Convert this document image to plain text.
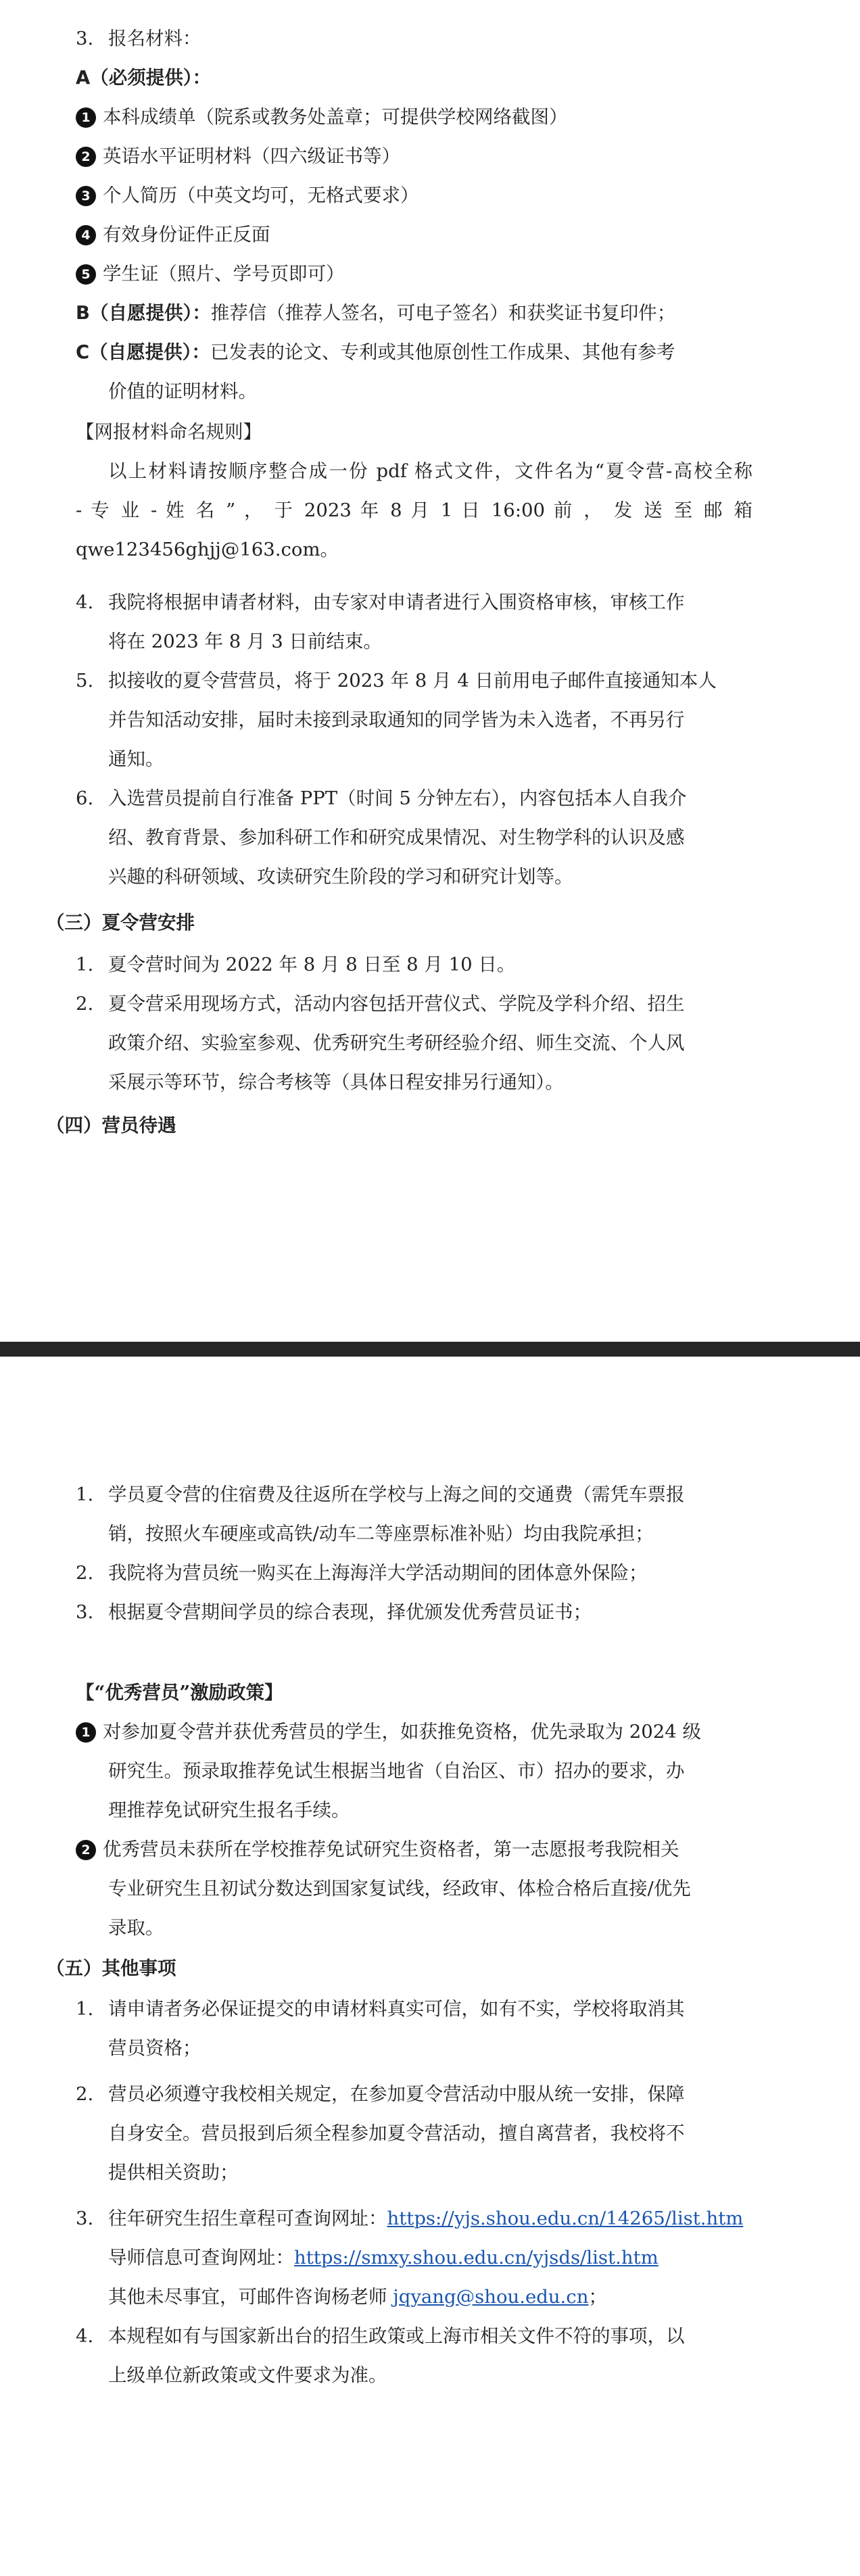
3. 报名材料：
A（必须提供）：
1 本科成绩单（院系或教务处盖章；可提供学校网络截图）
2 英语水平证明材料（四六级证书等）
3 个人简历（中英文均可，无格式要求）
4 有效身份证件正反面
5 学生证（照片、学号页即可）
B（自愿提供）：推荐信（推荐人签名，可电子签名）和获奖证书复印件；
C（自愿提供）：已发表的论文、专利或其他原创性工作成果、其他有参考
价值的证明材料。
【网报材料命名规则】
以上材料请按顺序整合成一份 pdf 格式文件，文件名为“夏令营-高校全称
- 专 业 - 姓 名 ” ， 于 2023 年 8 月 1 日 16:00 前 ， 发 送 至 邮 箱
qwe123456ghjj@163.com。
4. 我院将根据申请者材料，由专家对申请者进行入围资格审核，审核工作
将在 2023 年 8 月 3 日前结束。
5. 拟接收的夏令营营员，将于 2023 年 8 月 4 日前用电子邮件直接通知本人
并告知活动安排，届时未接到录取通知的同学皆为未入选者，不再另行
通知。
6. 入选营员提前自行准备 PPT（时间 5 分钟左右），内容包括本人自我介
绍、教育背景、参加科研工作和研究成果情况、对生物学科的认识及感
兴趣的科研领域、攻读研究生阶段的学习和研究计划等。
（三）夏令营安排
1. 夏令营时间为 2022 年 8 月 8 日至 8 月 10 日。
2. 夏令营采用现场方式，活动内容包括开营仪式、学院及学科介绍、招生
政策介绍、实验室参观、优秀研究生考研经验介绍、师生交流、个人风
采展示等环节，综合考核等（具体日程安排另行通知）。
（四）营员待遇
1. 学员夏令营的住宿费及往返所在学校与上海之间的交通费（需凭车票报
销，按照火车硬座或高铁/动车二等座票标准补贴）均由我院承担；
2. 我院将为营员统一购买在上海海洋大学活动期间的团体意外保险；
3. 根据夏令营期间学员的综合表现，择优颁发优秀营员证书；
【“优秀营员”激励政策】
1 对参加夏令营并获优秀营员的学生，如获推免资格，优先录取为 2024 级
研究生。预录取推荐免试生根据当地省（自治区、市）招办的要求，办
理推荐免试研究生报名手续。
2 优秀营员未获所在学校推荐免试研究生资格者，第一志愿报考我院相关
专业研究生且初试分数达到国家复试线，经政审、体检合格后直接/优先
录取。
（五）其他事项
1. 请申请者务必保证提交的申请材料真实可信，如有不实，学校将取消其
营员资格；
2. 营员必须遵守我校相关规定，在参加夏令营活动中服从统一安排，保障
自身安全。营员报到后须全程参加夏令营活动，擅自离营者，我校将不
提供相关资助；
3. 往年研究生招生章程可查询网址：https://yjs.shou.edu.cn/14265/list.htm
导师信息可查询网址：https://smxy.shou.edu.cn/yjsds/list.htm
其他未尽事宜，可邮件咨询杨老师 jqyang@shou.edu.cn；
4. 本规程如有与国家新出台的招生政策或上海市相关文件不符的事项，以
上级单位新政策或文件要求为准。
